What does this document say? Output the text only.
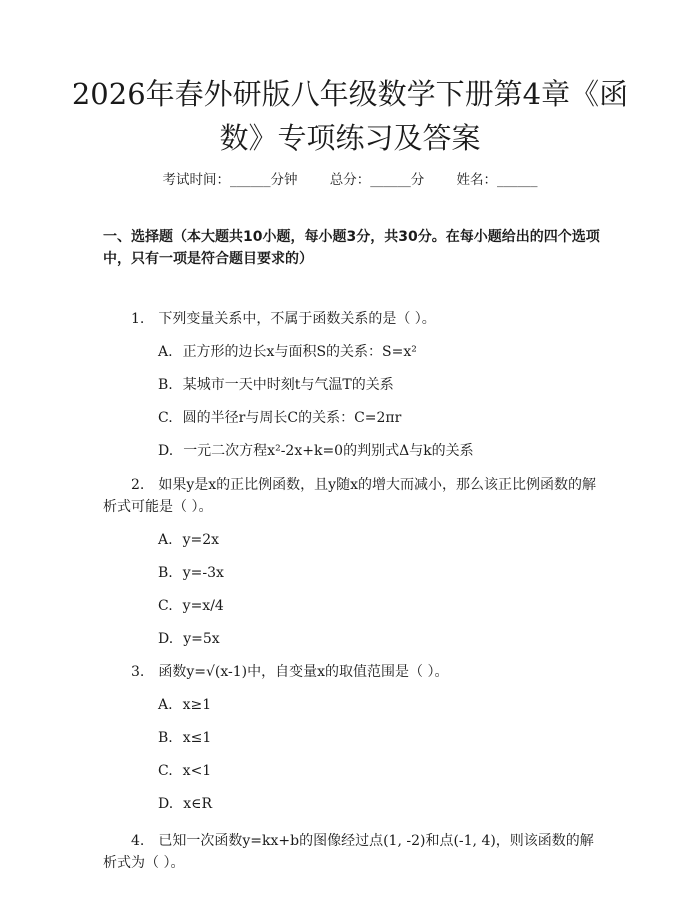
2026年春外研版八年级数学下册第4章《函数》专项练习及答案
考试时间：______分钟 总分：______分 姓名：______
一、选择题（本大题共10小题，每小题3分，共30分。在每小题给出的四个选项中，只有一项是符合题目要求的）
1. 下列变量关系中，不属于函数关系的是（ ）。
A. 正方形的边长x与面积S的关系：S=x²
B. 某城市一天中时刻t与气温T的关系
C. 圆的半径r与周长C的关系：C=2πr
D. 一元二次方程x²-2x+k=0的判别式Δ与k的关系
2. 如果y是x的正比例函数，且y随x的增大而减小，那么该正比例函数的解析式可能是（ ）。
A. y=2x
B. y=-3x
C. y=x/4
D. y=5x
3. 函数y=√(x-1)中，自变量x的取值范围是（ ）。
A. x≥1
B. x≤1
C. x<1
D. x∈R
4. 已知一次函数y=kx+b的图像经过点(1, -2)和点(-1, 4)，则该函数的解析式为（ ）。
